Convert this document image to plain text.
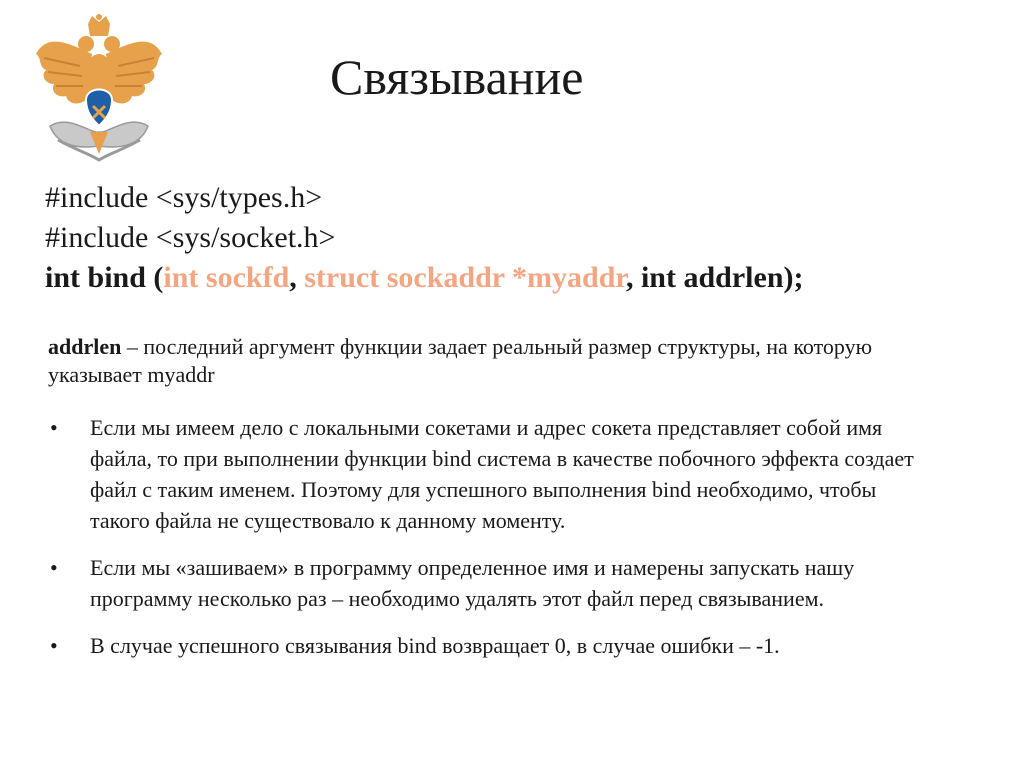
Связывание
#include <sys/types.h>
#include <sys/socket.h>
int bind (int sockfd, struct sockaddr *myaddr, int addrlen);
addrlen – последний аргумент функции задает реальный размер структуры, на которую указывает myaddr
• Если мы имеем дело с локальными сокетами и адрес сокета представляет собой имя файла, то при выполнении функции bind система в качестве побочного эффекта создает файл с таким именем. Поэтому для успешного выполнения bind необходимо, чтобы такого файла не существовало к данному моменту.
• Если мы «зашиваем» в программу определенное имя и намерены запускать нашу программу несколько раз – необходимо удалять этот файл перед связыванием.
• В случае успешного связывания bind возвращает 0, в случае ошибки – -1.
